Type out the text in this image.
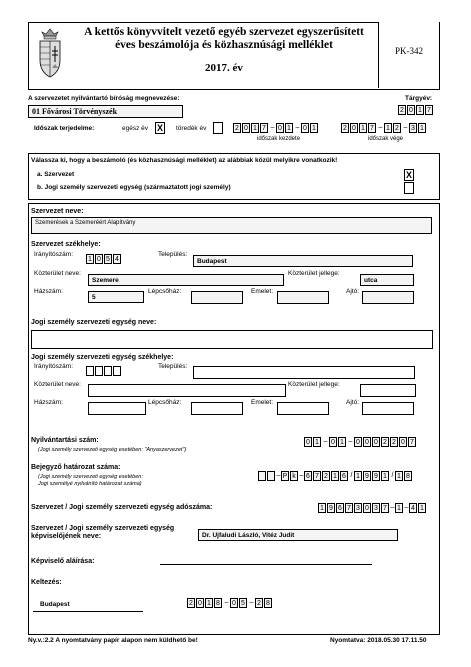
A kettős könyvvitelt vezető egyéb szervezet egyszerűsített
éves beszámolója és közhasznúsági melléklet
2017. év
PK-342
A szervezetet nyilvántartó bíróság megnevezése:	Tárgyév:
01 Fővárosi Törvényszék	2 0 1 7
Időszak terjedelme:	egész év X	töredék év	2 0 1 7 – 0 1 – 0 1	2 0 1 7 – 1 2 – 3 1
időszak kezdete	időszak vége
Válassza ki, hogy a beszámoló (és közhasznúsági melléklet) az alábbiak közül melyikre vonatkozik!
a. Szervezet	X
b. Jogi személy szervezeti egység (származtatott jogi személy)
Szervezet neve:
Szemerések a Szemeréért Alapítvány
Szervezet székhelye:
Irányítószám:
1 0 5 4
Település:
Budapest
Közterület neve:
Szemere
Közterület jellege:
utca
Házszám:
5
Lépcsőház:	Emelet:	Ajtó:
Jogi személy szervezeti egység neve:
Jogi személy szervezeti egység székhelye:
Irányítószám:	Település:
Közterület neve:	Közterület jellege:
Házszám:	Lépcsőház:	Emelet:	Ajtó:
Nyilvántartási szám:
(Jogi személy szervezeti egység esetében: "Anyaszervezet")
0 1 – 0 1 – 0 0 0 2 2 0 7
Bejegyző határozat száma:
(Jogi személy szervezeti egység esetében:
Jogi személyé nyilvánító határozat száma)
– P k – 6 7 2 1 6 / 1 9 9 1 / 1 8
Szervezet / Jogi személy szervezeti egység adószáma:	1 9 6 7 3 0 3 7 – 1 – 4 1
Szervezet / Jogi személy szervezeti egység
képviselőjének neve:	Dr. Ujfaludi László, Vitéz Judit
Képviselő aláírása:
Keltezés:
Budapest	2 0 1 8 – 0 5 – 2 8
Ny.v.:2.2 A nyomtatvány papír alapon nem küldhető be!	Nyomtatva: 2018.05.30 17.11.50
